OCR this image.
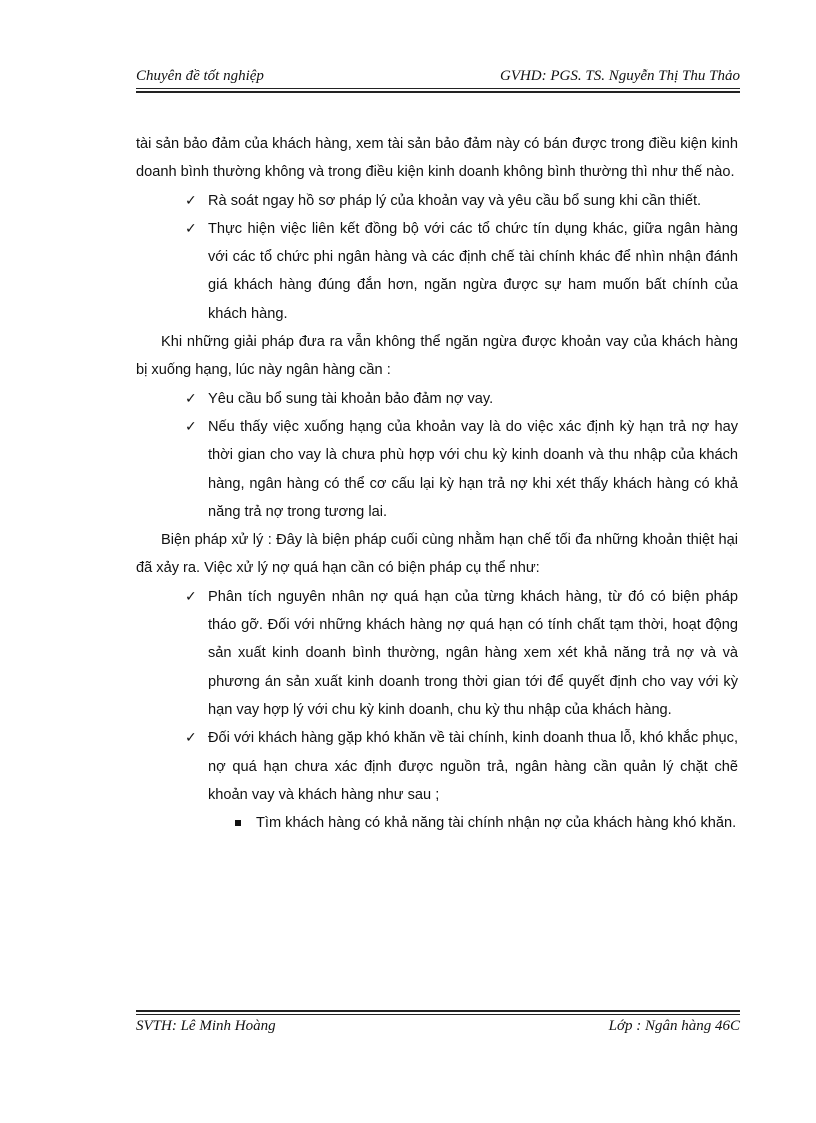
Chuyên đề tốt nghiệp	GVHD: PGS. TS. Nguyễn Thị Thu Thảo

tài sản bảo đảm của khách hàng, xem tài sản bảo đảm này có bán được trong điều kiện kinh doanh bình thường không và trong điều kiện kinh doanh không bình thường thì như thế nào.

✓ Rà soát ngay hồ sơ pháp lý của khoản vay và yêu cầu bổ sung khi cần thiết.

✓ Thực hiện việc liên kết đồng bộ với các tổ chức tín dụng khác, giữa ngân hàng với các tổ chức phi ngân hàng và các định chế tài chính khác để nhìn nhận đánh giá khách hàng đúng đắn hơn, ngăn ngừa được sự ham muốn bất chính của khách hàng.

Khi những giải pháp đưa ra vẫn không thể ngăn ngừa được khoản vay của khách hàng bị xuống hạng, lúc này ngân hàng cần :

✓ Yêu cầu bổ sung tài khoản bảo đảm nợ vay.

✓ Nếu thấy việc xuống hạng của khoản vay là do việc xác định kỳ hạn trả nợ hay thời gian cho vay là chưa phù hợp với chu kỳ kinh doanh và thu nhập của khách hàng, ngân hàng có thể cơ cấu lại kỳ hạn trả nợ khi xét thấy khách hàng có khả năng trả nợ trong tương lai.

Biện pháp xử lý : Đây là biện pháp cuối cùng nhằm hạn chế tối đa những khoản thiệt hại đã xảy ra. Việc xử lý nợ quá hạn cần có biện pháp cụ thể như:

✓ Phân tích nguyên nhân nợ quá hạn của từng khách hàng, từ đó có biện pháp tháo gỡ. Đối với những khách hàng nợ quá hạn có tính chất tạm thời, hoạt động sản xuất kinh doanh bình thường, ngân hàng xem xét khả năng trả nợ và và phương án sản xuất kinh doanh trong thời gian tới để quyết định cho vay với kỳ hạn vay hợp lý với chu kỳ kinh doanh, chu kỳ thu nhập của khách hàng.

✓ Đối với khách hàng gặp khó khăn về tài chính, kinh doanh thua lỗ, khó khắc phục, nợ quá hạn chưa xác định được nguồn trả, ngân hàng cần quản lý chặt chẽ khoản vay và khách hàng như sau ;

Tìm khách hàng có khả năng tài chính nhận nợ của khách hàng khó khăn.

SVTH: Lê Minh Hoàng	Lớp : Ngân hàng 46C
